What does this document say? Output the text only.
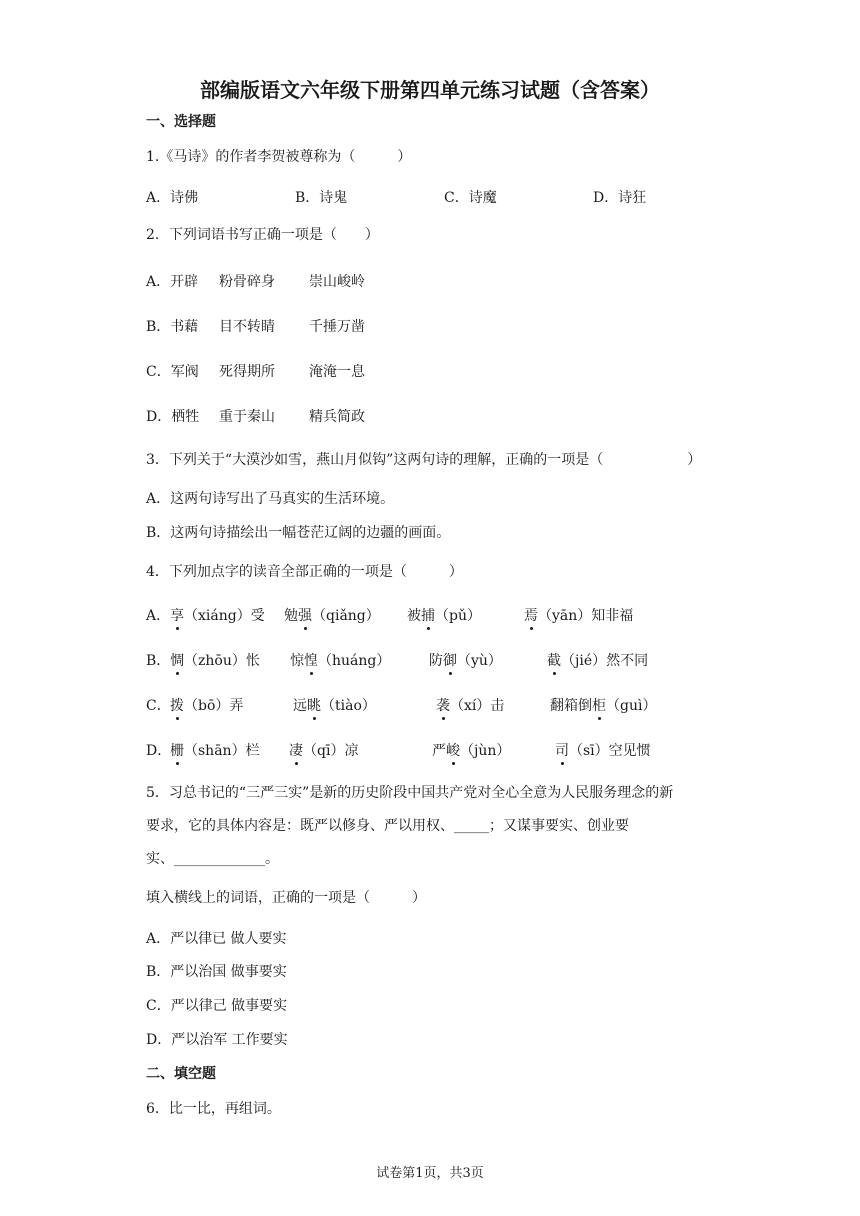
部编版语文六年级下册第四单元练习试题（含答案）
一、选择题
1.《马诗》的作者李贺被尊称为（　　　）
A．诗佛	B．诗鬼	C．诗魔	D．诗狂
2．下列词语书写正确一项是（　　）
A．开辟 粉骨碎身 崇山峻岭
B．书藉 目不转睛 千捶万凿
C．军阀 死得期所 淹淹一息
D．栖牲 重于秦山 精兵简政
3．下列关于“大漠沙如雪，燕山月似钩”这两句诗的理解，正确的一项是（　　　　　　）
A．这两句诗写出了马真实的生活环境。
B．这两句诗描绘出一幅苍茫辽阔的边疆的画面。
4．下列加点字的读音全部正确的一项是（　　　）
A． 享（xiáng）受 勉强（qiǎng） 被捕（pǔ）	焉（yān）知非福
B． 惆（zhōu）怅 惊惶（huáng）	防御（yù）	截（jié）然不同
C． 拨（bō）弄	远眺（tiào）	袭（xí）击	翻箱倒柜（guì）
D．
栅（shān）栏 凄（qī）凉	严峻（jùn）	司（sī）空见惯
5．习总书记的“三严三实”是新的历史阶段中国共产党对全心全意为人民服务理念的新
要求，它的具体内容是：既严以修身、严以用权、_____；又谋事要实、创业要
实、_____________。
填入横线上的词语，正确的一项是（　　　）
A．严以律已 做人要实
B．严以治国 做事要实
C．严以律己 做事要实
D．严以治军 工作要实
二、填空题
6．比一比，再组词。
试卷第1页，共3页
